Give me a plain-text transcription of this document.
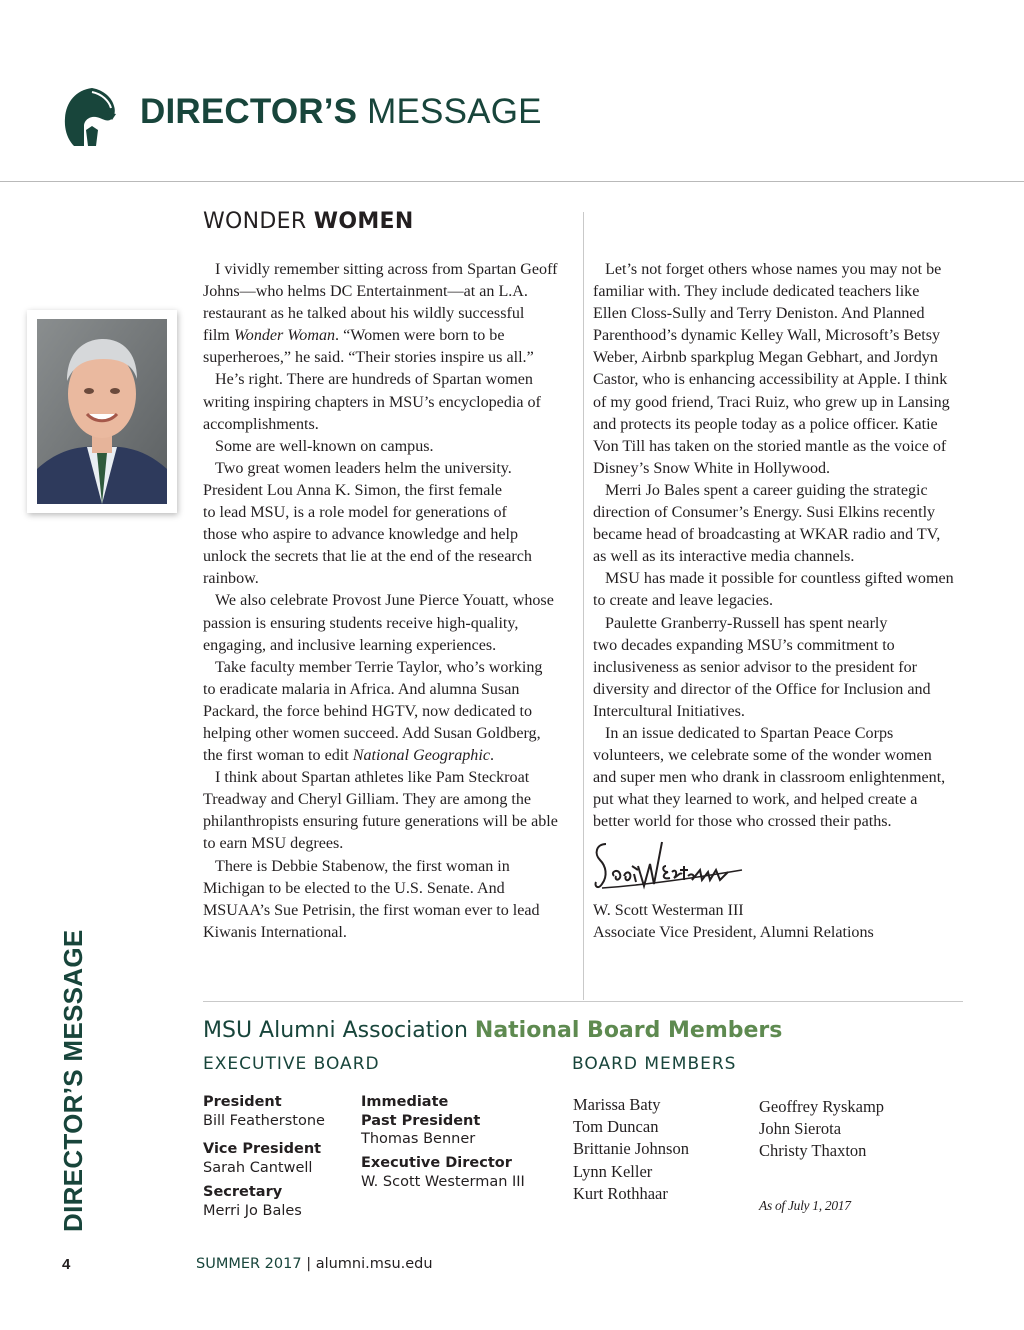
DIRECTOR’S MESSAGE
WONDER WOMEN

I vividly remember sitting across from Spartan Geoff
Johns—who helms DC Entertainment—at an L.A.
restaurant as he talked about his wildly successful
film Wonder Woman. “Women were born to be
superheroes,” he said. “Their stories inspire us all.”

He’s right. There are hundreds of Spartan women
writing inspiring chapters in MSU’s encyclopedia of
accomplishments.

Some are well-known on campus.

Two great women leaders helm the university.
President Lou Anna K. Simon, the first female
to lead MSU, is a role model for generations of
those who aspire to advance knowledge and help
unlock the secrets that lie at the end of the research
rainbow.

We also celebrate Provost June Pierce Youatt, whose
passion is ensuring students receive high-quality,
engaging, and inclusive learning experiences.

Take faculty member Terrie Taylor, who’s working
to eradicate malaria in Africa. And alumna Susan
Packard, the force behind HGTV, now dedicated to
helping other women succeed. Add Susan Goldberg,
the first woman to edit National Geographic.

I think about Spartan athletes like Pam Steckroat
Treadway and Cheryl Gilliam. They are among the
philanthropists ensuring future generations will be able
to earn MSU degrees.

There is Debbie Stabenow, the first woman in
Michigan to be elected to the U.S. Senate. And
MSUAA’s Sue Petrisin, the first woman ever to lead
Kiwanis International.

Let’s not forget others whose names you may not be
familiar with. They include dedicated teachers like
Ellen Closs-Sully and Terry Deniston. And Planned
Parenthood’s dynamic Kelley Wall, Microsoft’s Betsy
Weber, Airbnb sparkplug Megan Gebhart, and Jordyn
Castor, who is enhancing accessibility at Apple. I think
of my good friend, Traci Ruiz, who grew up in Lansing
and protects its people today as a police officer. Katie
Von Till has taken on the storied mantle as the voice of
Disney’s Snow White in Hollywood.

Merri Jo Bales spent a career guiding the strategic
direction of Consumer’s Energy. Susi Elkins recently
became head of broadcasting at WKAR radio and TV,
as well as its interactive media channels.

MSU has made it possible for countless gifted women
to create and leave legacies.

Paulette Granberry-Russell has spent nearly
two decades expanding MSU’s commitment to
inclusiveness as senior advisor to the president for
diversity and director of the Office for Inclusion and
Intercultural Initiatives.

In an issue dedicated to Spartan Peace Corps
volunteers, we celebrate some of the wonder women
and super men who drank in classroom enlightenment,
put what they learned to work, and helped create a
better world for those who crossed their paths.

W. Scott Westerman III
Associate Vice President, Alumni Relations
DIRECTOR’S MESSAGE	MSU Alumni Association National Board Members
EXECUTIVE BOARD	BOARD MEMBERS
President
Bill Featherstone
Vice President
Sarah Cantwell
Secretary
Merri Jo Bales
Immediate
Past President
Thomas Benner
Executive Director
W. Scott Westerman III
Marissa Baty
Tom Duncan
Brittanie Johnson
Lynn Keller
Kurt Rothhaar
Geoffrey Ryskamp
John Sierota
Christy Thaxton
As of July 1, 2017
4	SUMMER 2017 | alumni.msu.edu
